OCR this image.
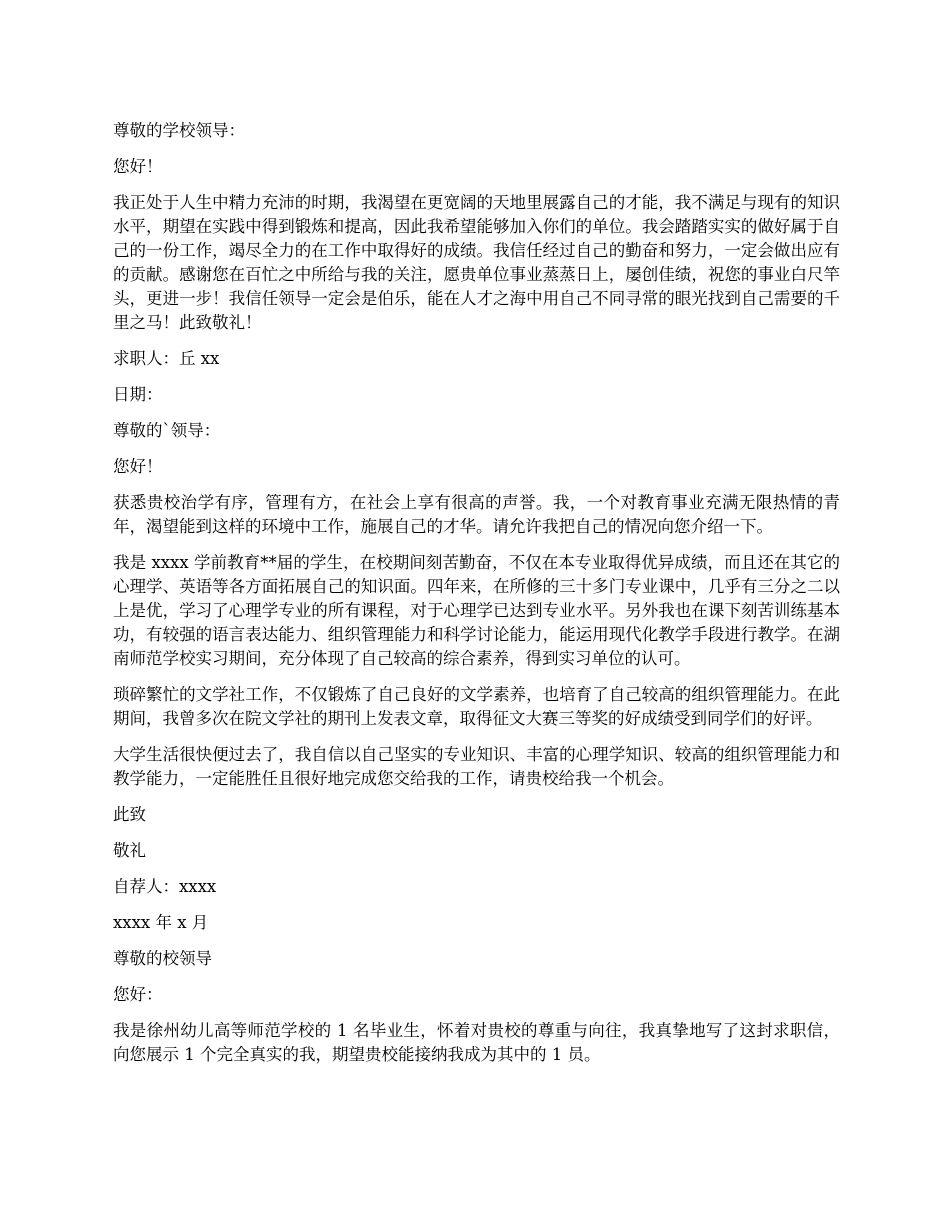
尊敬的学校领导：

您好！

我正处于人生中精力充沛的时期，我渴望在更宽阔的天地里展露自己的才能，我不满足与现有的知识水平，期望在实践中得到锻炼和提高，因此我希望能够加入你们的单位。我会踏踏实实的做好属于自己的一份工作，竭尽全力的在工作中取得好的成绩。我信任经过自己的勤奋和努力，一定会做出应有的贡献。感谢您在百忙之中所给与我的关注，愿贵单位事业蒸蒸日上，屡创佳绩，祝您的事业白尺竿头，更进一步！我信任领导一定会是伯乐，能在人才之海中用自己不同寻常的眼光找到自己需要的千里之马！此致敬礼！

求职人：丘 xx

日期：

尊敬的`领导：

您好！

获悉贵校治学有序，管理有方，在社会上享有很高的声誉。我，一个对教育事业充满无限热情的青年，渴望能到这样的环境中工作，施展自己的才华。请允许我把自己的情况向您介绍一下。

我是 xxxx 学前教育**届的学生，在校期间刻苦勤奋，不仅在本专业取得优异成绩，而且还在其它的心理学、英语等各方面拓展自己的知识面。四年来，在所修的三十多门专业课中，几乎有三分之二以上是优，学习了心理学专业的所有课程，对于心理学已达到专业水平。另外我也在课下刻苦训练基本功，有较强的语言表达能力、组织管理能力和科学讨论能力，能运用现代化教学手段进行教学。在湖南师范学校实习期间，充分体现了自己较高的综合素养，得到实习单位的认可。

琐碎繁忙的文学社工作，不仅锻炼了自己良好的文学素养，也培育了自己较高的组织管理能力。在此期间，我曾多次在院文学社的期刊上发表文章，取得征文大赛三等奖的好成绩受到同学们的好评。

大学生活很快便过去了，我自信以自己坚实的专业知识、丰富的心理学知识、较高的组织管理能力和教学能力，一定能胜任且很好地完成您交给我的工作，请贵校给我一个机会。

此致

敬礼

自荐人：xxxx

xxxx 年 x 月

尊敬的校领导

您好：

我是徐州幼儿高等师范学校的 1 名毕业生，怀着对贵校的尊重与向往，我真挚地写了这封求职信，向您展示 1 个完全真实的我，期望贵校能接纳我成为其中的 1 员。
